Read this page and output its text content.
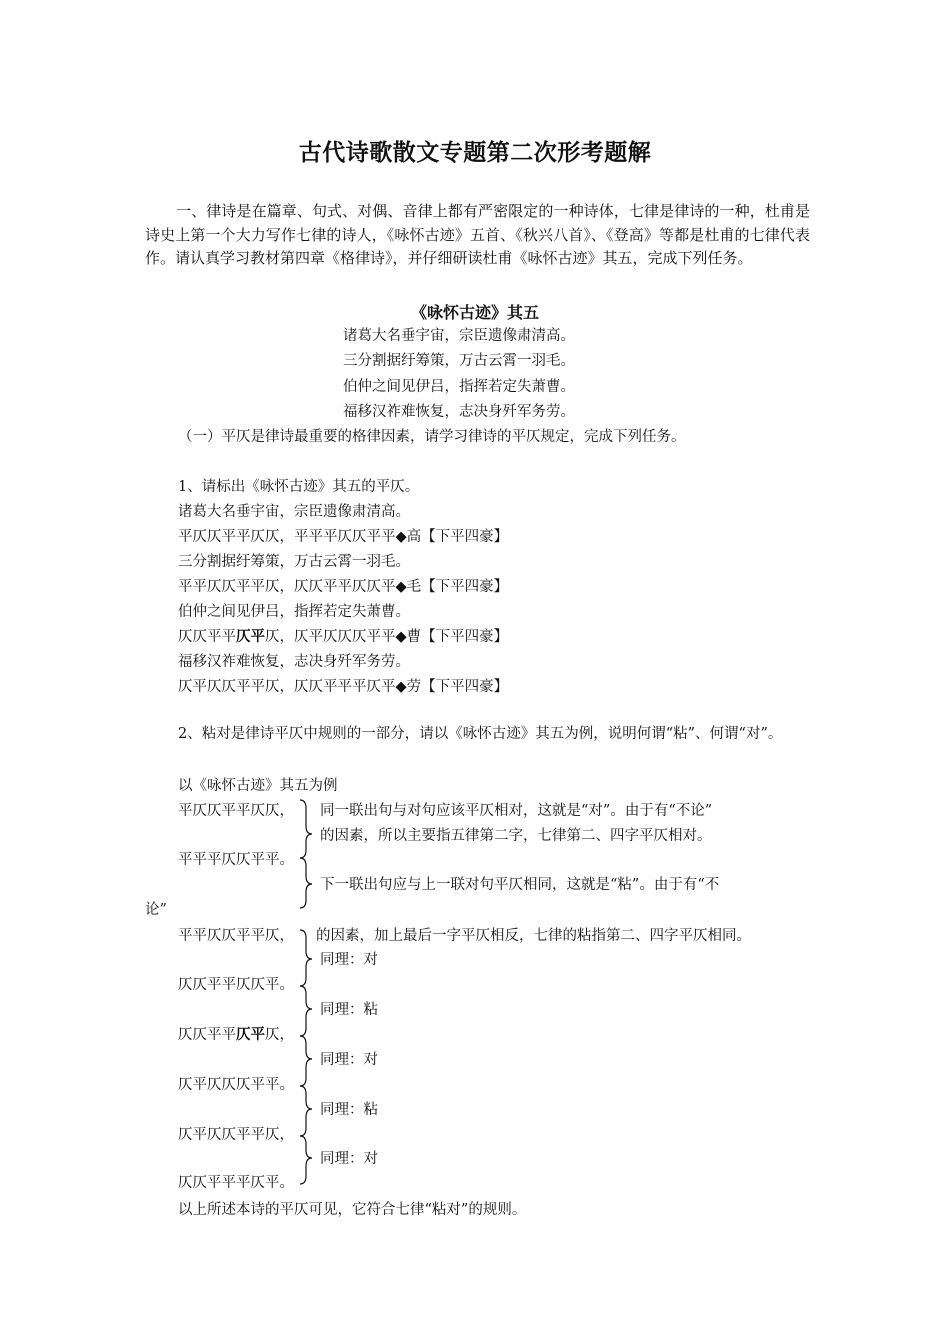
古代诗歌散文专题第二次形考题解
一、律诗是在篇章、句式、对偶、音律上都有严密限定的一种诗体，七律是律诗的一种，杜甫是诗史上第一个大力写作七律的诗人，《咏怀古迹》五首、《秋兴八首》、《登高》等都是杜甫的七律代表作。请认真学习教材第四章《格律诗》，并仔细研读杜甫《咏怀古迹》其五，完成下列任务。
《咏怀古迹》其五
诸葛大名垂宇宙，宗臣遗像肃清高。
三分割据纡筹策，万古云霄一羽毛。
伯仲之间见伊吕，指挥若定失萧曹。
福移汉祚难恢复，志决身歼军务劳。
（一）平仄是律诗最重要的格律因素，请学习律诗的平仄规定，完成下列任务。
1、请标出《咏怀古迹》其五的平仄。
诸葛大名垂宇宙，宗臣遗像肃清高。
平仄仄平平仄仄，平平平仄仄平平◆高【下平四豪】
三分割据纡筹策，万古云霄一羽毛。
平平仄仄平平仄，仄仄平平仄仄平◆毛【下平四豪】
伯仲之间见伊吕，指挥若定失萧曹。
仄仄平平仄平仄，仄平仄仄仄平平◆曹【下平四豪】
福移汉祚难恢复，志决身歼军务劳。
仄平仄仄平平仄，仄仄平平平仄平◆劳【下平四豪】
2、粘对是律诗平仄中规则的一部分，请以《咏怀古迹》其五为例，说明何谓“粘”、何谓“对”。
以《咏怀古迹》其五为例
平仄仄平平仄仄，
平平平仄仄平平。
平平仄仄平平仄，
仄仄平平仄仄平。
仄仄平平仄平仄，
仄平仄仄仄平平。
仄平仄仄平平仄，
仄仄平平平仄平。
同一联出句与对句应该平仄相对，这就是“对”。由于有“不论”
的因素，所以主要指五律第二字，七律第二、四字平仄相对。
下一联出句应与上一联对句平仄相同，这就是“粘”。由于有“不
论”
的因素，加上最后一字平仄相反，七律的粘指第二、四字平仄相同。
同理：对
同理：粘
同理：对
同理：粘
同理：对
以上所述本诗的平仄可见，它符合七律“粘对”的规则。
